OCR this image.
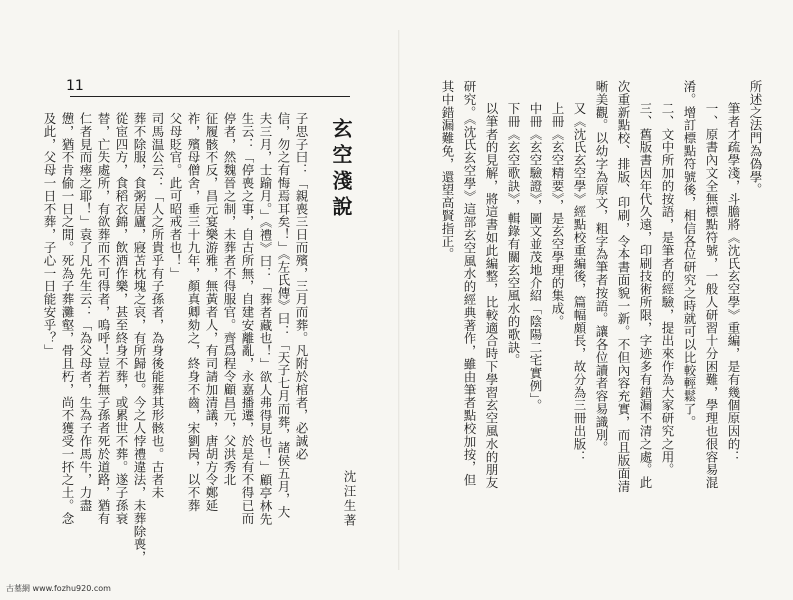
11
玄空淺說
沈汪生著
子思子曰：「親喪三日而殯，三月而葬。凡附於棺者，必誠必
信，勿之有悔焉耳矣！」《左氏傳》曰：「天子七月而葬，諸侯五月，大
夫三月，士踰月。」《禮》曰：「葬者藏也！」欲人弗得見也！」顧亭林先
生云：「停喪之事，自古所無，自建安離亂，永嘉播遷，於是有不得已而
停者，然魏晉之制，未葬者不得服官。齊爲程令顧昌元，父洪秀北
征履骸不反，昌元宴樂游雅，無黃者人，有司請加清議，唐胡方令鄭延
祚，殯母僧舍，垂三十九年，顏真卿劾之，終身不齒，宋劉昺，以不葬
父母貶官。此可昭戒者也！」
司馬温公云：「人之所貴乎有子孫者，為身後能葬其形骸也。古者未
葬不除服，食粥居廬，寢苫枕塊之哀，有所歸也。今之人悖禮違法，未葬除喪，
從宦四方，食稻衣錦，飲酒作樂，甚至終身不葬，或累世不葬。遂子孫衰
替，亡失處所，有欲葬而不可得者，嗚呼！豈若無子孫者死於道路，猶有
仁者見而瘞之耶！」袁了凡先生云：「為父母者，生為子作馬牛，力盡
憊，猶不肯偷一日之閒。死為子葬灘壑，骨且朽，尚不獲受一抔之土。念
及此，父母一日不葬，子心一日能安乎？」	所述之法門為偽學。
筆者才疏學淺，斗膽將《沈氏玄空學》重編，是有幾個原因的：
一、原書內文全無標點符號，一般人研習十分困難，學理也很容易混
淆。增訂標點符號後，相信各位研究之時就可以比較輕鬆了。
二、文中所加的按語，是筆者的經驗，提出來作為大家研究之用。
三、舊版書因年代久遠，印刷技術所限，字迹多有錯漏不清之處。此
次重新點校、排版、印刷，令本書面貌一新。不但內容充實，而且版面清
晰美觀。以幼字為原文，粗字為筆者按語。讓各位讀者容易識別。
又《沈氏玄空學》經點校重編後，篇幅頗長，故分為三冊出版：
上冊《玄空精要》，是玄空學理的集成。
中冊《玄空驗證》，圖文並茂地介紹「陰陽二宅實例」。
下冊《玄空歌訣》，輯錄有關玄空風水的歌訣。
以筆者的見解，將這書如此編整，比較適合時下學習玄空風水的朋友
研究。《沈氏玄空學》這部玄空風水的經典著作，雖由筆者點校加按，但
其中錯漏難免，還望高賢指正。
古墓網 www.fozhu920.com
